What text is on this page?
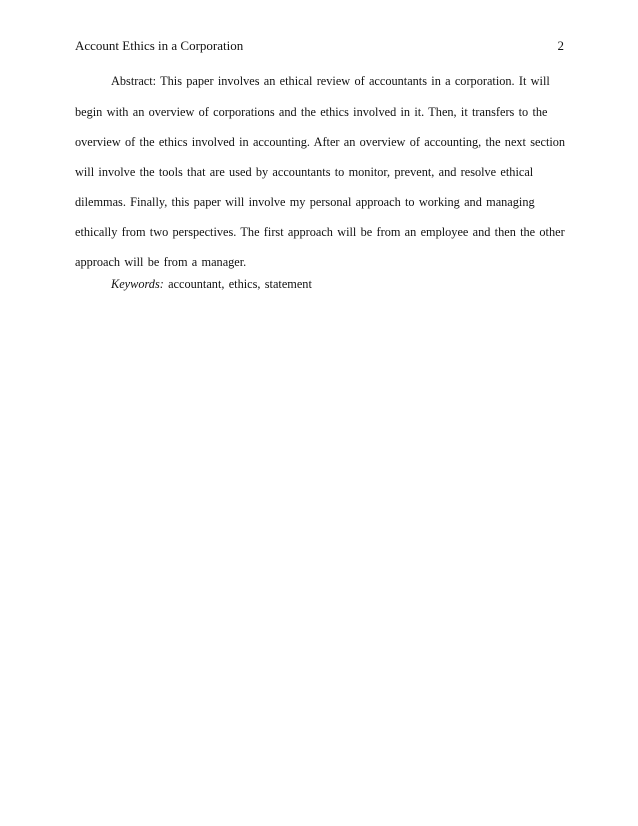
Account Ethics in a Corporation	2
Abstract: This paper involves an ethical review of accountants in a corporation. It will
begin with an overview of corporations and the ethics involved in it. Then, it transfers to the
overview of the ethics involved in accounting. After an overview of accounting, the next section
will involve the tools that are used by accountants to monitor, prevent, and resolve ethical
dilemmas. Finally, this paper will involve my personal approach to working and managing
ethically from two perspectives. The first approach will be from an employee and then the other
approach will be from a manager.
Keywords: accountant, ethics, statement
